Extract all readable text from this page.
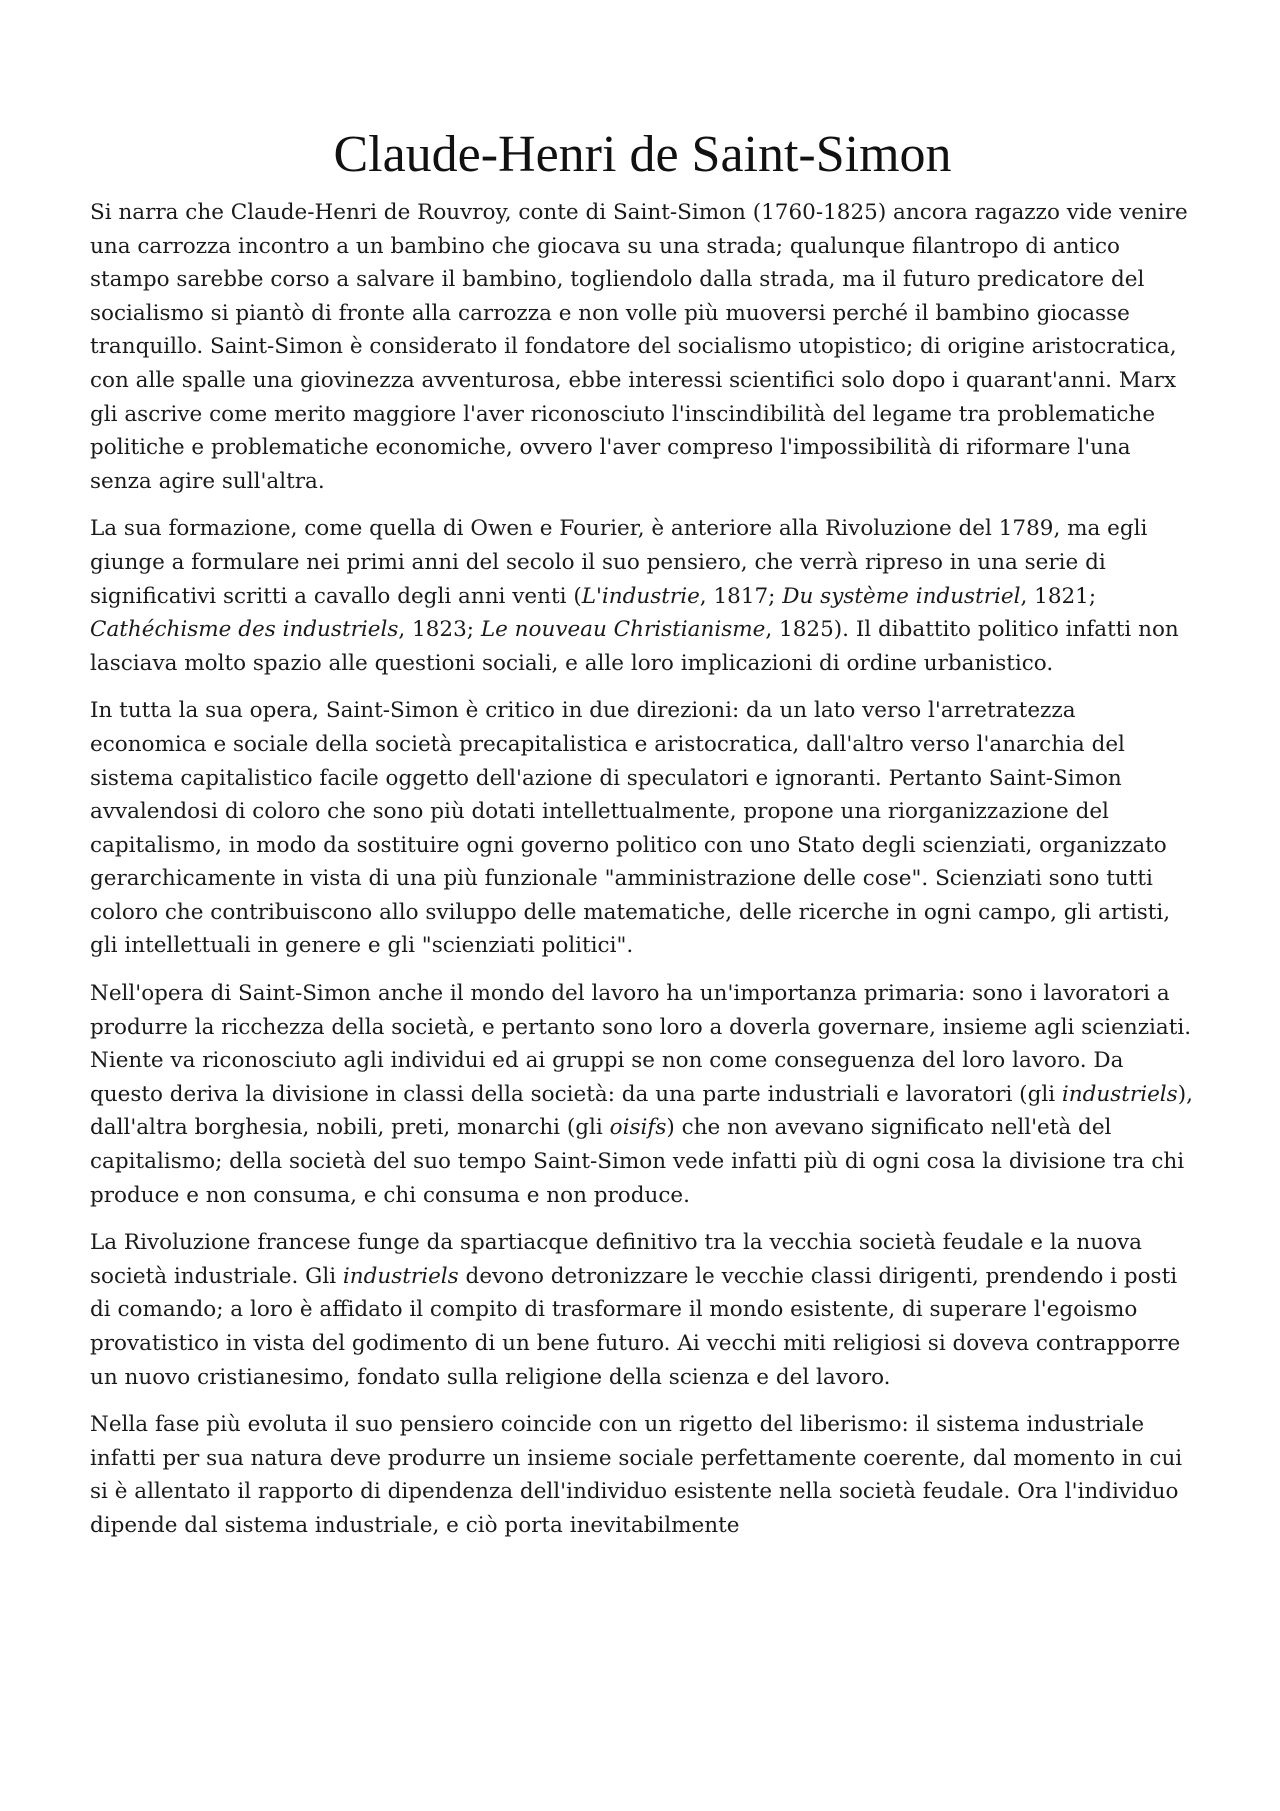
Claude-Henri de Saint-Simon

Si narra che Claude-Henri de Rouvroy, conte di Saint-Simon (1760-1825) ancora ragazzo vide venire una carrozza incontro a un bambino che giocava su una strada; qualunque filantropo di antico stampo sarebbe corso a salvare il bambino, togliendolo dalla strada, ma il futuro predicatore del socialismo si piantò di fronte alla carrozza e non volle più muoversi perché il bambino giocasse tranquillo. Saint-Simon è considerato il fondatore del socialismo utopistico; di origine aristocratica, con alle spalle una giovinezza avventurosa, ebbe interessi scientifici solo dopo i quarant'anni. Marx gli ascrive come merito maggiore l'aver riconosciuto l'inscindibilità del legame tra problematiche politiche e problematiche economiche, ovvero l'aver compreso l'impossibilità di riformare l'una senza agire sull'altra.

La sua formazione, come quella di Owen e Fourier, è anteriore alla Rivoluzione del 1789, ma egli giunge a formulare nei primi anni del secolo il suo pensiero, che verrà ripreso in una serie di significativi scritti a cavallo degli anni venti (L'industrie, 1817; Du système industriel, 1821; Cathéchisme des industriels, 1823; Le nouveau Christianisme, 1825). Il dibattito politico infatti non lasciava molto spazio alle questioni sociali, e alle loro implicazioni di ordine urbanistico.

In tutta la sua opera, Saint-Simon è critico in due direzioni: da un lato verso l'arretratezza economica e sociale della società precapitalistica e aristocratica, dall'altro verso l'anarchia del sistema capitalistico facile oggetto dell'azione di speculatori e ignoranti. Pertanto Saint-Simon avvalendosi di coloro che sono più dotati intellettualmente, propone una riorganizzazione del capitalismo, in modo da sostituire ogni governo politico con uno Stato degli scienziati, organizzato gerarchicamente in vista di una più funzionale "amministrazione delle cose". Scienziati sono tutti coloro che contribuiscono allo sviluppo delle matematiche, delle ricerche in ogni campo, gli artisti, gli intellettuali in genere e gli "scienziati politici".

Nell'opera di Saint-Simon anche il mondo del lavoro ha un'importanza primaria: sono i lavoratori a produrre la ricchezza della società, e pertanto sono loro a doverla governare, insieme agli scienziati. Niente va riconosciuto agli individui ed ai gruppi se non come conseguenza del loro lavoro. Da questo deriva la divisione in classi della società: da una parte industriali e lavoratori (gli industriels), dall'altra borghesia, nobili, preti, monarchi (gli oisifs) che non avevano significato nell'età del capitalismo; della società del suo tempo Saint-Simon vede infatti più di ogni cosa la divisione tra chi produce e non consuma, e chi consuma e non produce.

La Rivoluzione francese funge da spartiacque definitivo tra la vecchia società feudale e la nuova società industriale. Gli industriels devono detronizzare le vecchie classi dirigenti, prendendo i posti di comando; a loro è affidato il compito di trasformare il mondo esistente, di superare l'egoismo provatistico in vista del godimento di un bene futuro. Ai vecchi miti religiosi si doveva contrapporre un nuovo cristianesimo, fondato sulla religione della scienza e del lavoro.

Nella fase più evoluta il suo pensiero coincide con un rigetto del liberismo: il sistema industriale infatti per sua natura deve produrre un insieme sociale perfettamente coerente, dal momento in cui si è allentato il rapporto di dipendenza dell'individuo esistente nella società feudale. Ora l'individuo dipende dal sistema industriale, e ciò porta inevitabilmente
